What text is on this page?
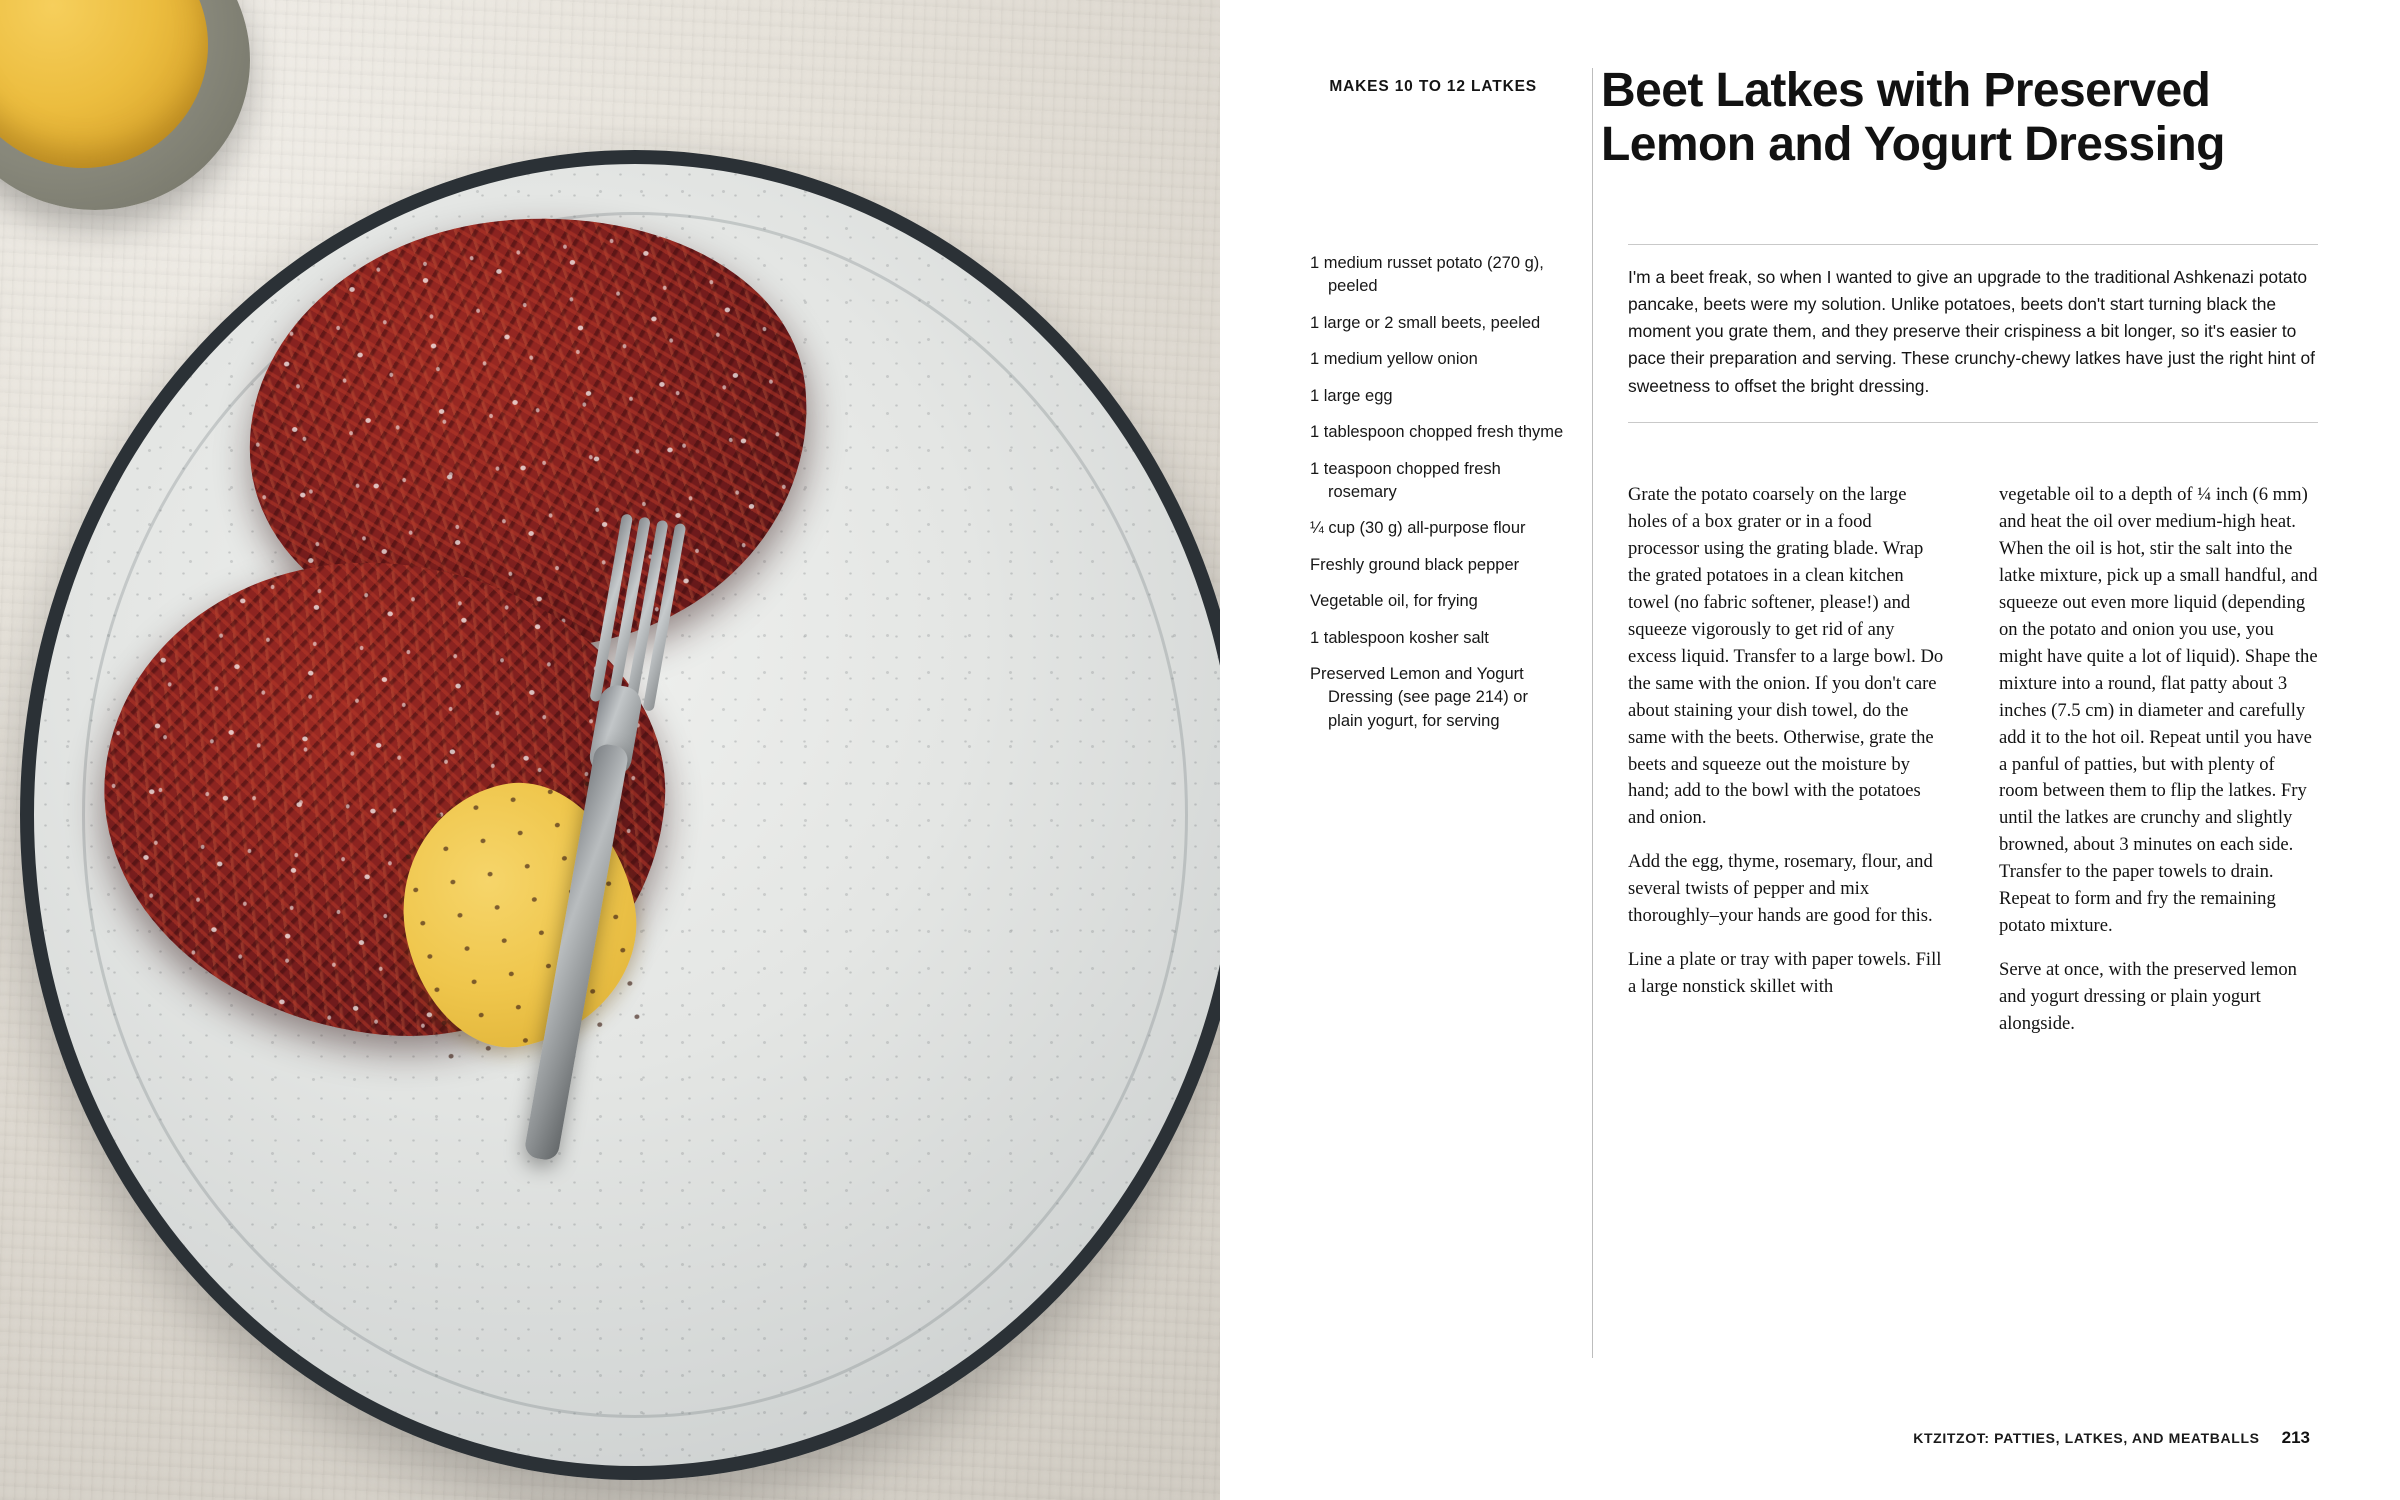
MAKES 10 TO 12 LATKES Beet Latkes with Preserved Lemon and Yogurt Dressing
1 medium russet potato (270 g), peeled
1 large or 2 small beets, peeled
1 medium yellow onion
1 large egg
1 tablespoon chopped fresh thyme
1 teaspoon chopped fresh rosemary
¼ cup (30 g) all-purpose flour
Freshly ground black pepper
Vegetable oil, for frying
1 tablespoon kosher salt
Preserved Lemon and Yogurt Dressing (see page 214) or plain yogurt, for serving

I'm a beet freak, so when I wanted to give an upgrade to the traditional Ashkenazi potato pancake, beets were my solution. Unlike potatoes, beets don't start turning black the moment you grate them, and they preserve their crispiness a bit longer, so it's easier to pace their preparation and serving. These crunchy-chewy latkes have just the right hint of sweetness to offset the bright dressing.

Grate the potato coarsely on the large holes of a box grater or in a food processor using the grating blade. Wrap the grated potatoes in a clean kitchen towel (no fabric softener, please!) and squeeze vigorously to get rid of any excess liquid. Transfer to a large bowl. Do the same with the onion. If you don't care about staining your dish towel, do the same with the beets. Otherwise, grate the beets and squeeze out the moisture by hand; add to the bowl with the potatoes and onion.

Add the egg, thyme, rosemary, flour, and several twists of pepper and mix thoroughly–your hands are good for this.

Line a plate or tray with paper towels. Fill a large nonstick skillet with

vegetable oil to a depth of ¼ inch (6 mm) and heat the oil over medium-high heat. When the oil is hot, stir the salt into the latke mixture, pick up a small handful, and squeeze out even more liquid (depending on the potato and onion you use, you might have quite a lot of liquid). Shape the mixture into a round, flat patty about 3 inches (7.5 cm) in diameter and carefully add it to the hot oil. Repeat until you have a panful of patties, but with plenty of room between them to flip the latkes. Fry until the latkes are crunchy and slightly browned, about 3 minutes on each side. Transfer to the paper towels to drain. Repeat to form and fry the remaining potato mixture.

Serve at once, with the preserved lemon and yogurt dressing or plain yogurt alongside.

KTZITZOT: PATTIES, LATKES, AND MEATBALLS 213
